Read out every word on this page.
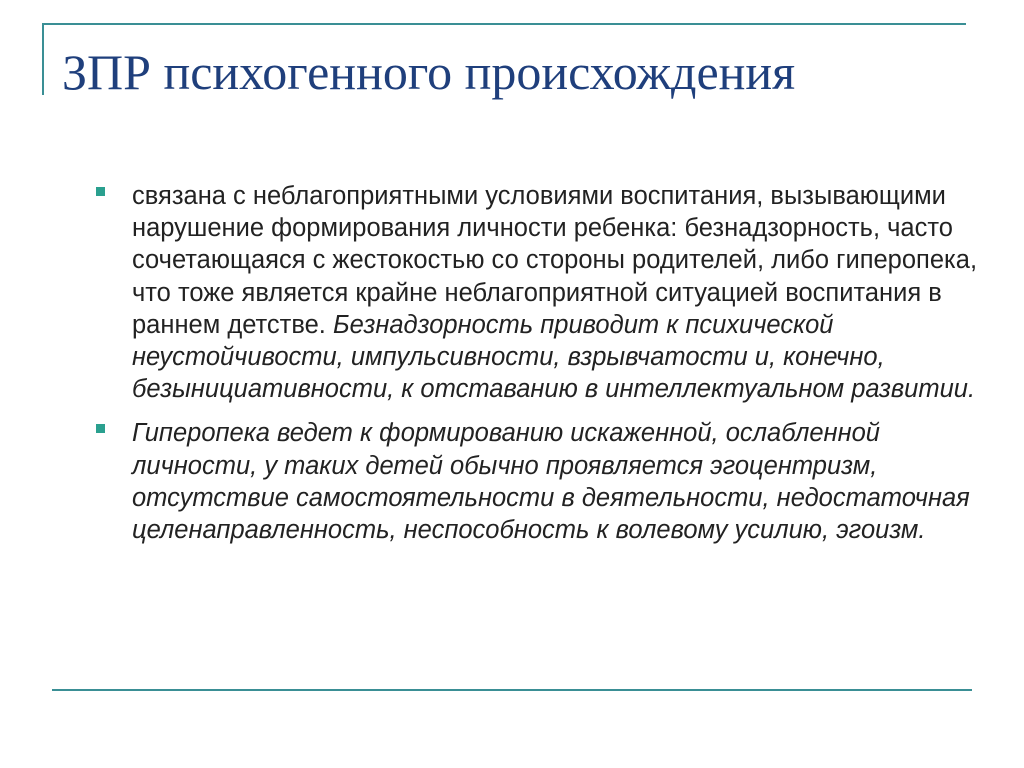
ЗПР психогенного происхождения
связана с неблагоприятными условиями воспитания, вызывающими нарушение формирования личности ребенка: безнадзорность, часто сочетающаяся с жестокостью со стороны родителей, либо гиперопека, что тоже является крайне неблагоприятной ситуацией воспитания в раннем детстве. Безнадзорность приводит к психической неустойчивости, импульсивности, взрывчатости и, конечно, безынициативности, к отставанию в интеллектуальном развитии.
Гиперопека ведет к формированию искаженной, ослабленной личности, у таких детей обычно проявляется эгоцентризм, отсутствие самостоятельности в деятельности, недостаточная целенаправленность, неспособность к волевому усилию, эгоизм.
